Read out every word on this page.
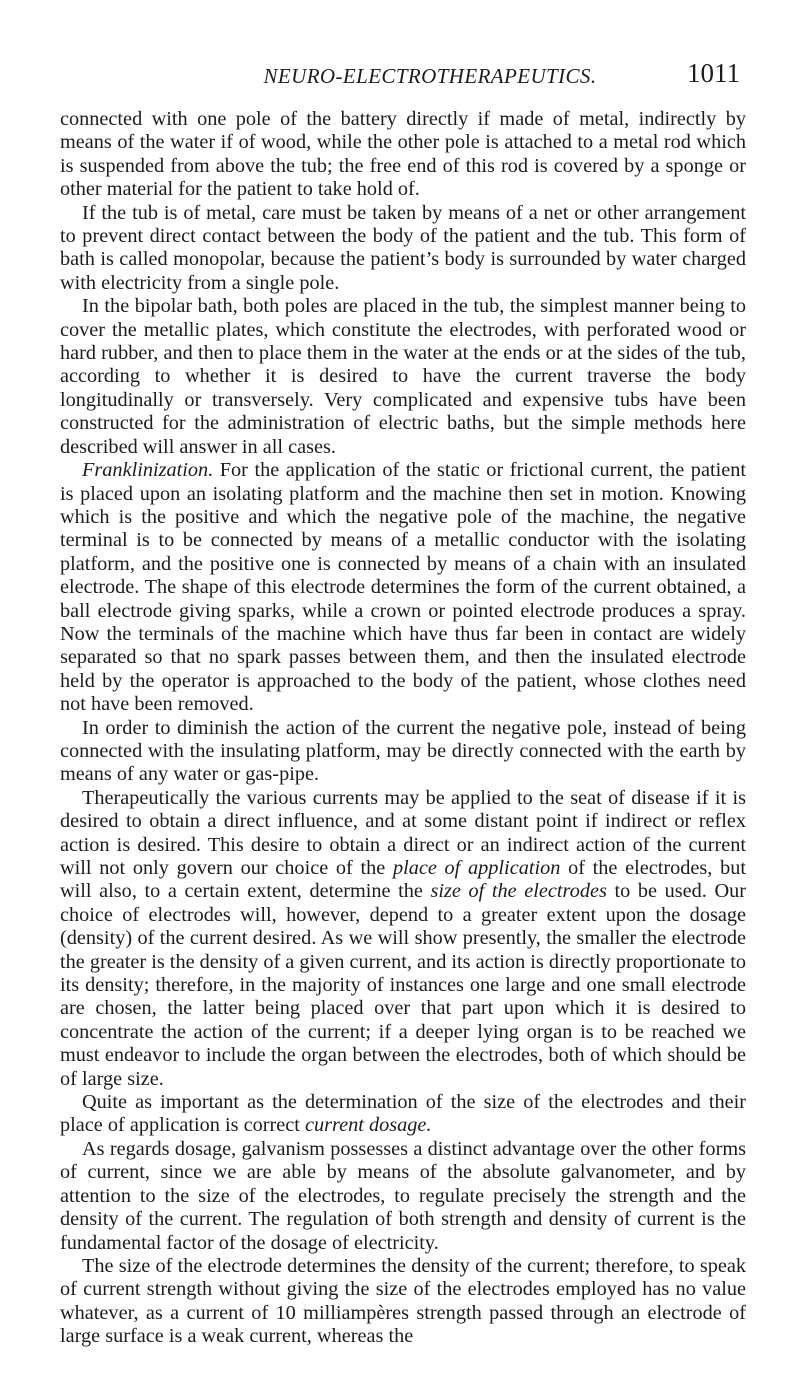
NEURO-ELECTROTHERAPEUTICS.	1011

connected with one pole of the battery directly if made of metal, indirectly by means of the water if of wood, while the other pole is attached to a metal rod which is suspended from above the tub; the free end of this rod is covered by a sponge or other material for the patient to take hold of.

If the tub is of metal, care must be taken by means of a net or other arrangement to prevent direct contact between the body of the patient and the tub. This form of bath is called monopolar, because the patient’s body is surrounded by water charged with electricity from a single pole.

In the bipolar bath, both poles are placed in the tub, the simplest manner being to cover the metallic plates, which constitute the electrodes, with perforated wood or hard rubber, and then to place them in the water at the ends or at the sides of the tub, according to whether it is desired to have the current traverse the body longitudinally or transversely. Very complicated and expensive tubs have been constructed for the administration of electric baths, but the simple methods here described will answer in all cases.

Franklinization. For the application of the static or frictional current, the patient is placed upon an isolating platform and the machine then set in motion. Knowing which is the positive and which the negative pole of the machine, the negative terminal is to be connected by means of a metallic conductor with the isolating platform, and the positive one is connected by means of a chain with an insulated electrode. The shape of this electrode determines the form of the current obtained, a ball electrode giving sparks, while a crown or pointed electrode produces a spray. Now the terminals of the machine which have thus far been in contact are widely separated so that no spark passes between them, and then the insulated electrode held by the operator is approached to the body of the patient, whose clothes need not have been removed.

In order to diminish the action of the current the negative pole, instead of being connected with the insulating platform, may be directly connected with the earth by means of any water or gas-pipe.

Therapeutically the various currents may be applied to the seat of disease if it is desired to obtain a direct influence, and at some distant point if indirect or reflex action is desired. This desire to obtain a direct or an indirect action of the current will not only govern our choice of the place of application of the electrodes, but will also, to a certain extent, determine the size of the electrodes to be used. Our choice of electrodes will, however, depend to a greater extent upon the dosage (density) of the current desired. As we will show presently, the smaller the electrode the greater is the density of a given current, and its action is directly proportionate to its density; therefore, in the majority of instances one large and one small electrode are chosen, the latter being placed over that part upon which it is desired to concentrate the action of the current; if a deeper lying organ is to be reached we must endeavor to include the organ between the electrodes, both of which should be of large size.

Quite as important as the determination of the size of the electrodes and their place of application is correct current dosage.

As regards dosage, galvanism possesses a distinct advantage over the other forms of current, since we are able by means of the absolute galvanometer, and by attention to the size of the electrodes, to regulate precisely the strength and the density of the current. The regulation of both strength and density of current is the fundamental factor of the dosage of electricity.

The size of the electrode determines the density of the current; therefore, to speak of current strength without giving the size of the electrodes employed has no value whatever, as a current of 10 milliampères strength passed through an electrode of large surface is a weak current, whereas the
